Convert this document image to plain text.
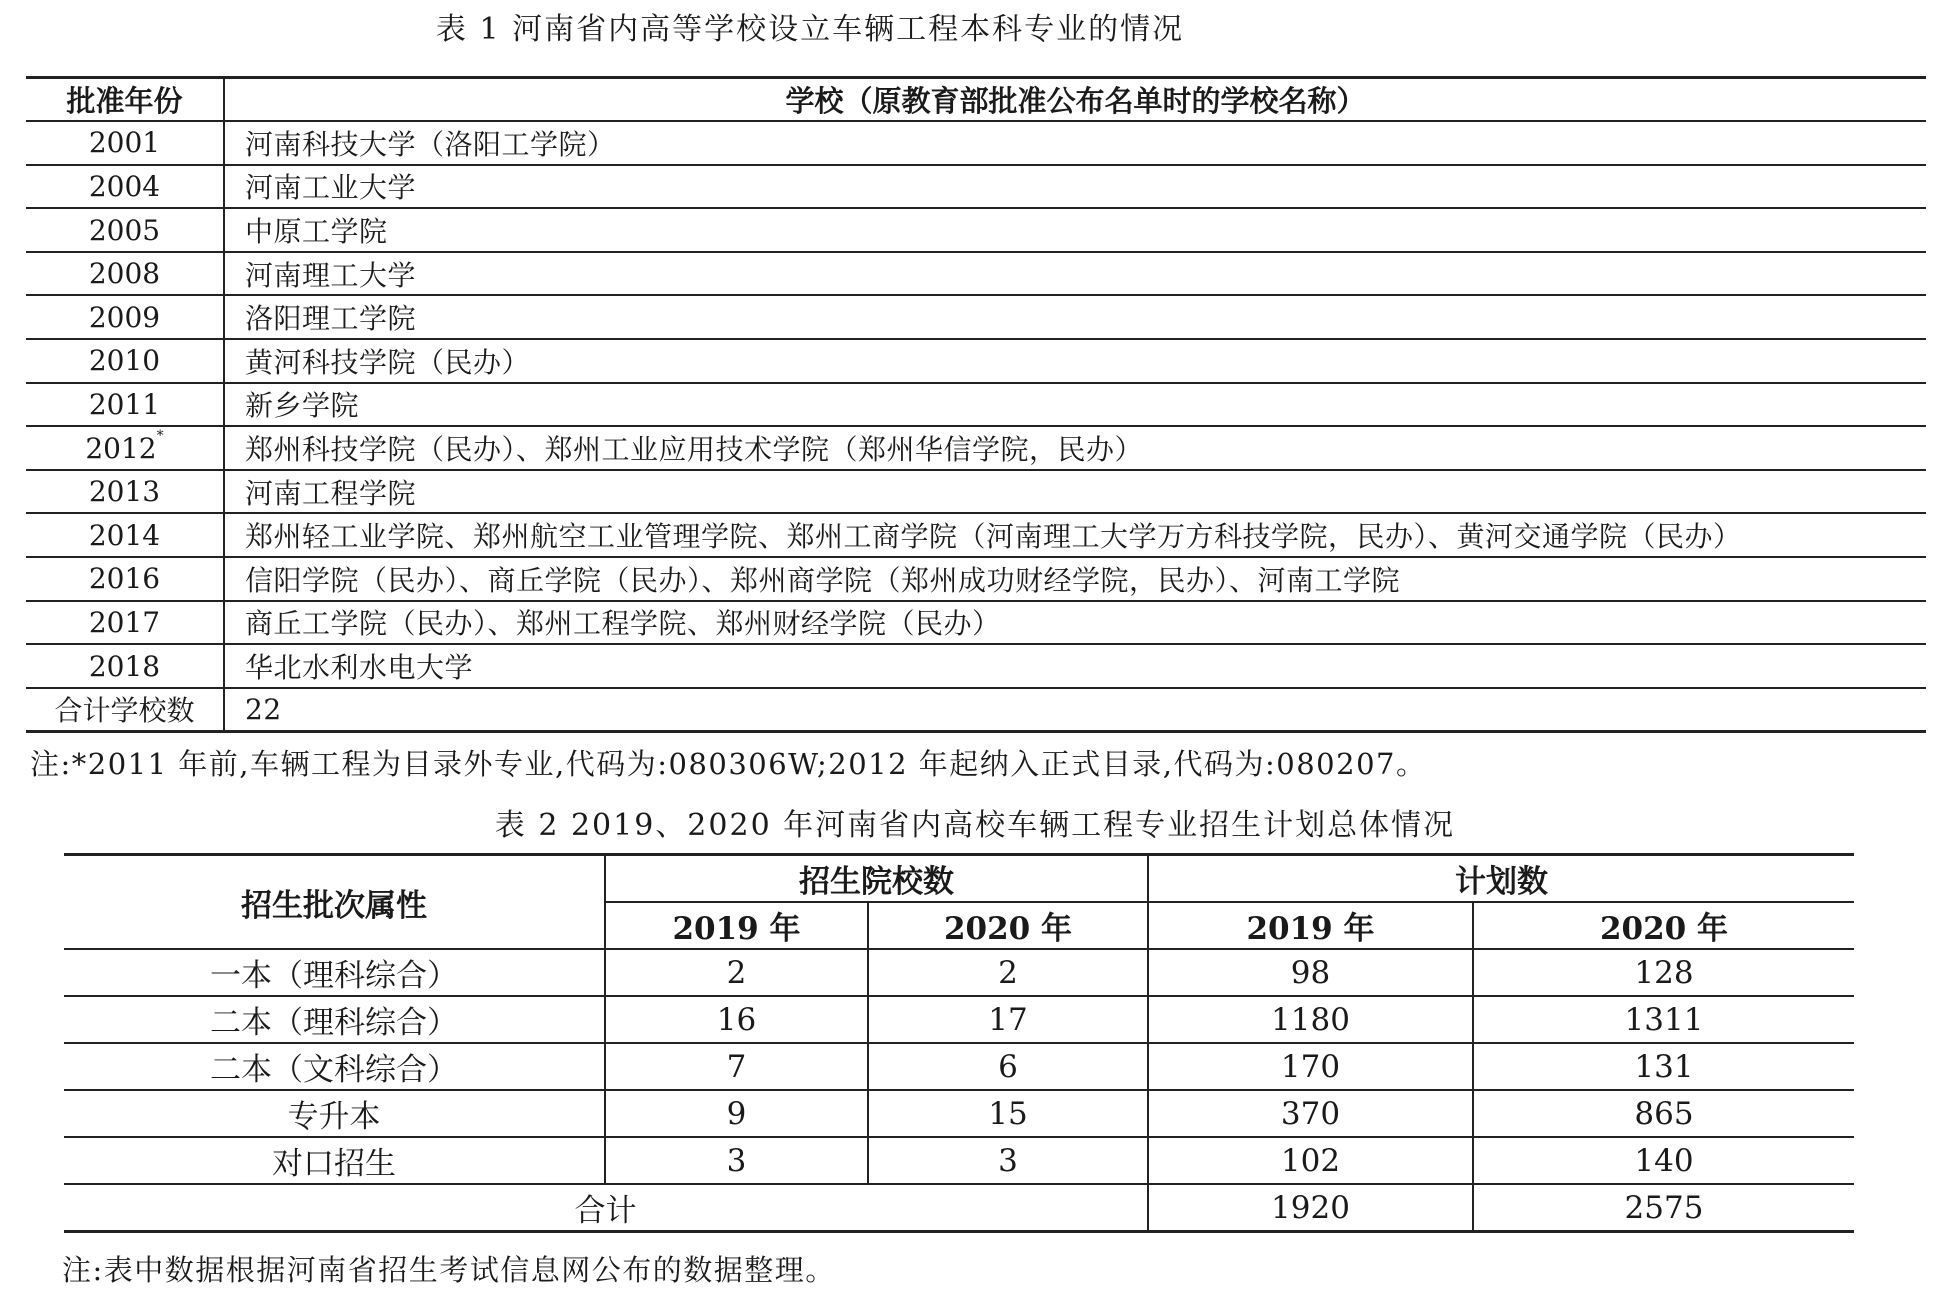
表 1 河南省内高等学校设立车辆工程本科专业的情况
批准年份	学校（原教育部批准公布名单时的学校名称）
2001	河南科技大学（洛阳工学院）
2004	河南工业大学
2005	中原工学院
2008	河南理工大学
2009	洛阳理工学院
2010	黄河科技学院（民办）
2011	新乡学院
2012*	郑州科技学院（民办）、郑州工业应用技术学院（郑州华信学院，民办）
2013	河南工程学院
2014	郑州轻工业学院、郑州航空工业管理学院、郑州工商学院（河南理工大学万方科技学院，民办）、黄河交通学院（民办）
2016	信阳学院（民办）、商丘学院（民办）、郑州商学院（郑州成功财经学院，民办）、河南工学院
2017	商丘工学院（民办）、郑州工程学院、郑州财经学院（民办）
2018	华北水利水电大学
合计学校数	22
注:*2011 年前,车辆工程为目录外专业,代码为:080306W;2012 年起纳入正式目录,代码为:080207。
表 2 2019、2020 年河南省内高校车辆工程专业招生计划总体情况
招生批次属性	招生院校数		计划数	
	2019 年	2020 年	2019 年	2020 年
一本（理科综合）	2	2	98	128
二本（理科综合）	16	17	1180	1311
二本（文科综合）	7	6	170	131
专升本	9	15	370	865
对口招生	3	3	102	140
合计			1920	2575
注:表中数据根据河南省招生考试信息网公布的数据整理。
